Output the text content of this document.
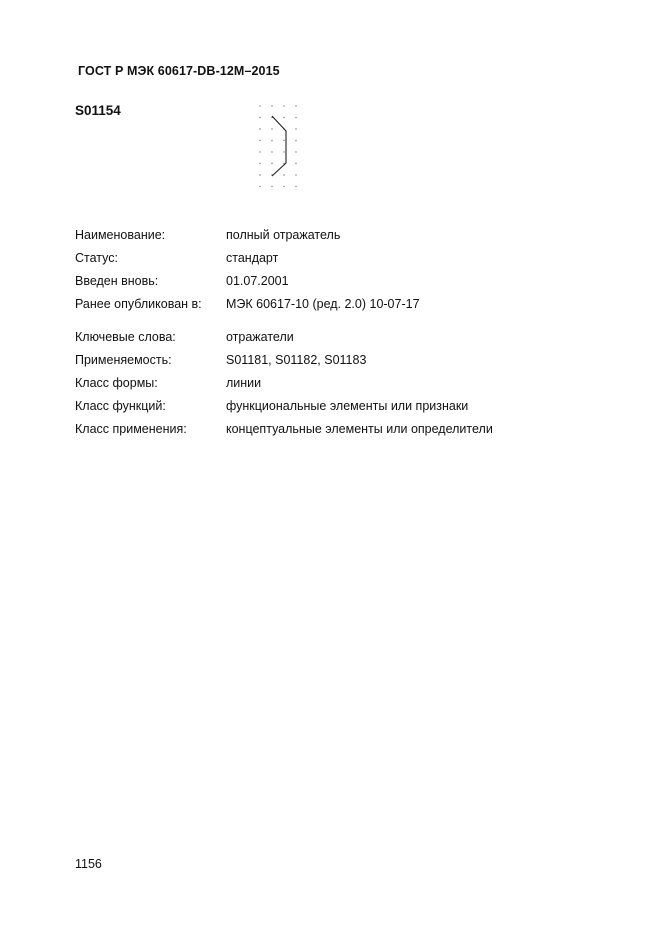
ГОСТ Р МЭК 60617-DB-12M–2015
S01154
Наименование:	полный отражатель
Статус:	стандарт
Введен вновь:	01.07.2001
Ранее опубликован в: МЭК 60617-10 (ред. 2.0) 10-07-17
Ключевые слова:	отражатели
Применяемость:	S01181, S01182, S01183
Класс формы:	линии
Класс функций:	функциональные элементы или признаки
Класс применения:	концептуальные элементы или определители
1156
